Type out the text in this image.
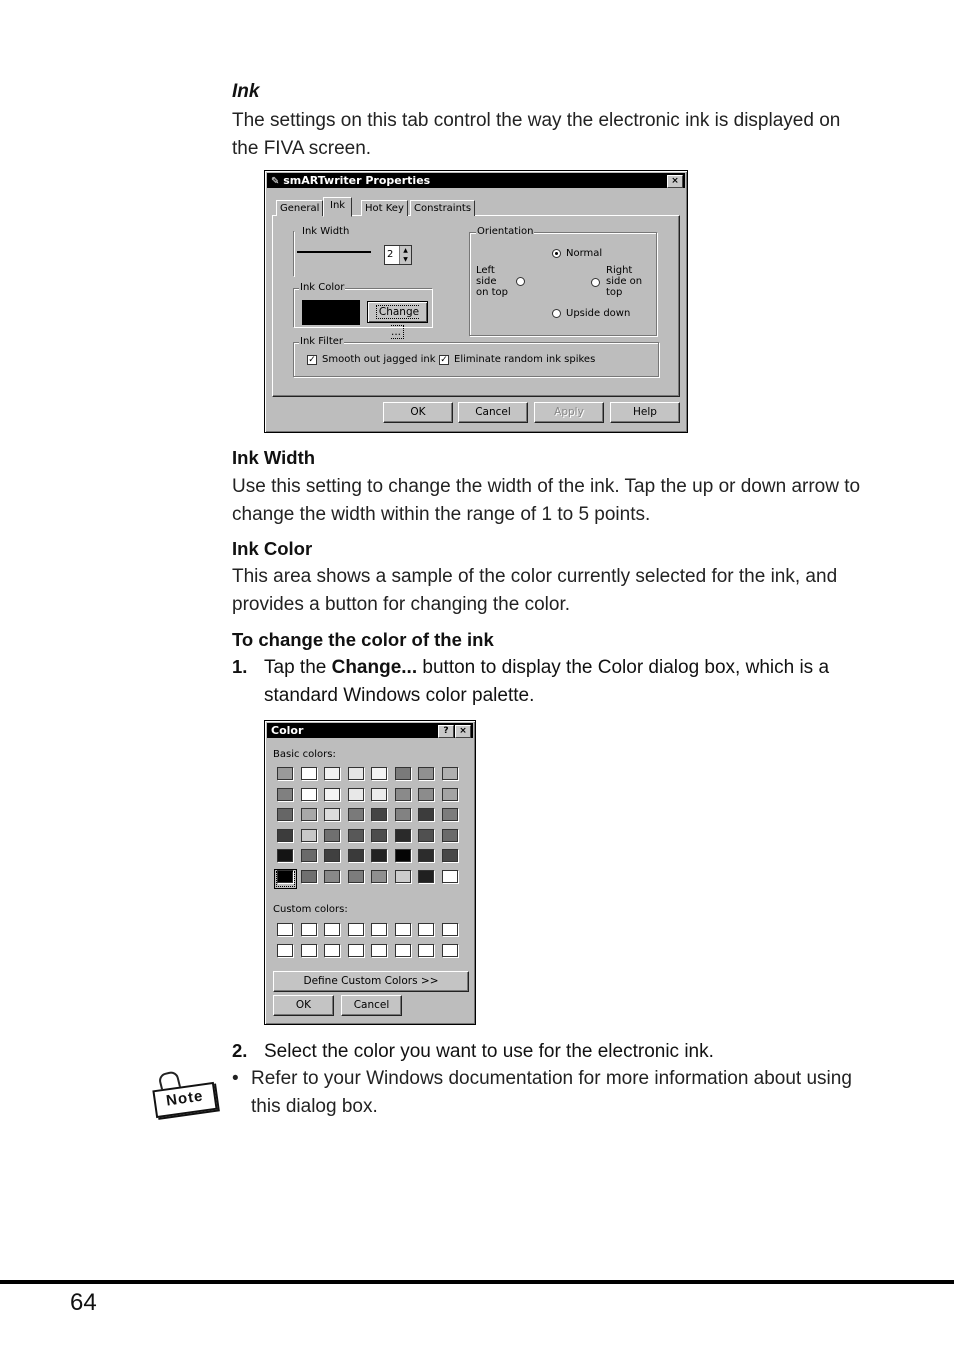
Ink
The settings on this tab control the way the electronic ink is displayed on the FIVA screen.
✎ smARTwriter Properties	×
General	Ink	Hot Key	Constraints
Ink Width
2	▲
▼
Ink Color
Change ...
Orientation
Normal
Left side on top
Right side on top
Upside down
Ink Filter
✓ Smooth out jagged ink ✓ Eliminate random ink spikes
OK	Cancel	Apply	Help
Ink Width
Use this setting to change the width of the ink. Tap the up or down arrow to change the width within the range of 1 to 5 points.
Ink Color
This area shows a sample of the color currently selected for the ink, and provides a button for changing the color.
To change the color of the ink
1. Tap the Change... button to display the Color dialog box, which is a standard Windows color palette.
Color	?	×
Basic colors:
Custom colors:
Define Custom Colors >>
OK	Cancel
2. Select the color you want to use for the electronic ink.
Note
• Refer to your Windows documentation for more information about using this dialog box.
64
